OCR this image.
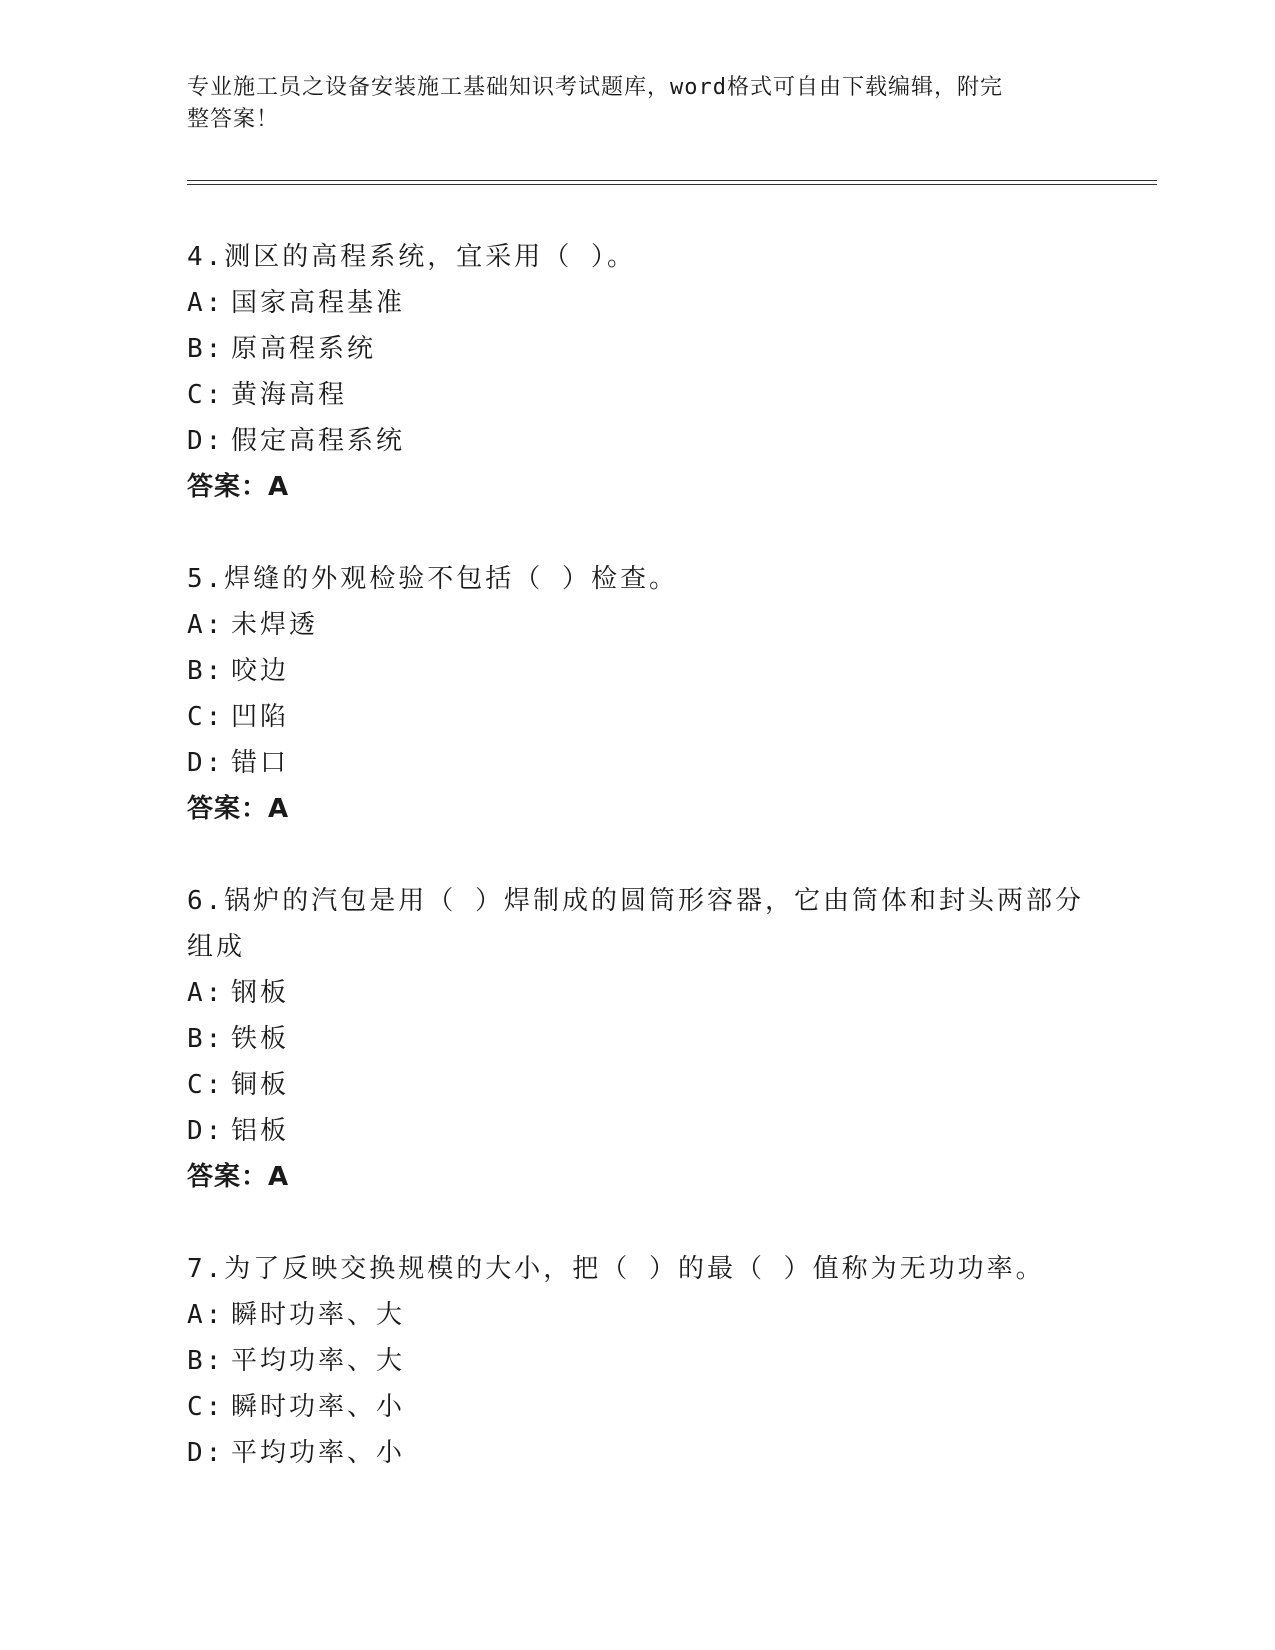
专业施工员之设备安装施工基础知识考试题库，word格式可自由下载编辑，附完
整答案！
4.测区的高程系统，宜采用（ ）。
A: 国家高程基准
B: 原高程系统
C: 黄海高程
D: 假定高程系统
答案：A
5.焊缝的外观检验不包括（ ）检查。
A: 未焊透
B: 咬边
C: 凹陷
D: 错口
答案：A
6.锅炉的汽包是用（ ）焊制成的圆筒形容器，它由筒体和封头两部分组成
A: 钢板
B: 铁板
C: 铜板
D: 铝板
答案：A
7.为了反映交换规模的大小，把（ ）的最（ ）值称为无功功率。
A: 瞬时功率、大
B: 平均功率、大
C: 瞬时功率、小
D: 平均功率、小
